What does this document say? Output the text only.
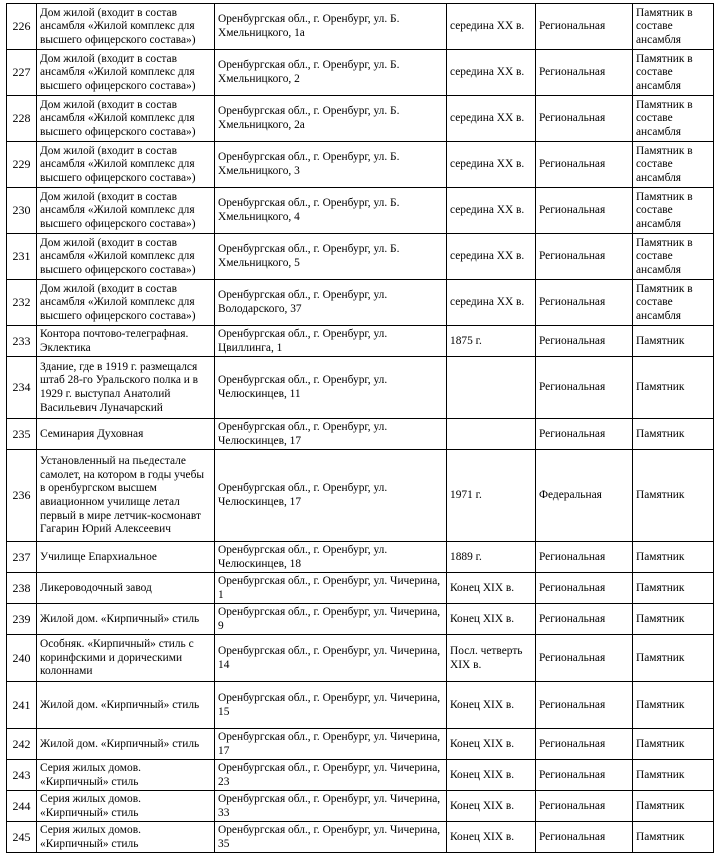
226	Дом жилой (входит в состав ансамбля «Жилой комплекс для высшего офицерского состава»)	Оренбургская обл., г. Оренбург, ул. Б. Хмельницкого, 1а	середина XX в.	Региональная	Памятник в составе ансамбля
227	Дом жилой (входит в состав ансамбля «Жилой комплекс для высшего офицерского состава»)	Оренбургская обл., г. Оренбург, ул. Б. Хмельницкого, 2	середина XX в.	Региональная	Памятник в составе ансамбля
228	Дом жилой (входит в состав ансамбля «Жилой комплекс для высшего офицерского состава»)	Оренбургская обл., г. Оренбург, ул. Б. Хмельницкого, 2а	середина XX в.	Региональная	Памятник в составе ансамбля
229	Дом жилой (входит в состав ансамбля «Жилой комплекс для высшего офицерского состава»)	Оренбургская обл., г. Оренбург, ул. Б. Хмельницкого, 3	середина XX в.	Региональная	Памятник в составе ансамбля
230	Дом жилой (входит в состав ансамбля «Жилой комплекс для высшего офицерского состава»)	Оренбургская обл., г. Оренбург, ул. Б. Хмельницкого, 4	середина XX в.	Региональная	Памятник в составе ансамбля
231	Дом жилой (входит в состав ансамбля «Жилой комплекс для высшего офицерского состава»)	Оренбургская обл., г. Оренбург, ул. Б. Хмельницкого, 5	середина XX в.	Региональная	Памятник в составе ансамбля
232	Дом жилой (входит в состав ансамбля «Жилой комплекс для высшего офицерского состава»)	Оренбургская обл., г. Оренбург, ул. Володарского, 37	середина XX в.	Региональная	Памятник в составе ансамбля
233	Контора почтово-телеграфная. Эклектика	Оренбургская обл., г. Оренбург, ул. Цвиллинга, 1	1875 г.	Региональная	Памятник
234	Здание, где в 1919 г. размещался штаб 28-го Уральского полка и в 1929 г. выступал Анатолий Васильевич Луначарский	Оренбургская обл., г. Оренбург, ул. Челюскинцев, 11		Региональная	Памятник
235	Семинария Духовная	Оренбургская обл., г. Оренбург, ул. Челюскинцев, 17		Региональная	Памятник
236	Установленный на пьедестале самолет, на котором в годы учебы в оренбургском высшем авиационном училище летал первый в мире летчик-космонавт Гагарин Юрий Алексеевич	Оренбургская обл., г. Оренбург, ул. Челюскинцев, 17	1971 г.	Федеральная	Памятник
237	Училище Епархиальное	Оренбургская обл., г. Оренбург, ул. Челюскинцев, 18	1889 г.	Региональная	Памятник
238	Ликероводочный завод	Оренбургская обл., г. Оренбург, ул. Чичерина, 1	Конец XIX в.	Региональная	Памятник
239	Жилой дом. «Кирпичный» стиль	Оренбургская обл., г. Оренбург, ул. Чичерина, 9	Конец XIX в.	Региональная	Памятник
240	Особняк. «Кирпичный» стиль с коринфскими и дорическими колоннами	Оренбургская обл., г. Оренбург, ул. Чичерина, 14	Посл. четверть XIX в.	Региональная	Памятник
241	Жилой дом. «Кирпичный» стиль	Оренбургская обл., г. Оренбург, ул. Чичерина, 15	Конец XIX в.	Региональная	Памятник
242	Жилой дом. «Кирпичный» стиль	Оренбургская обл., г. Оренбург, ул. Чичерина, 17	Конец XIX в.	Региональная	Памятник
243	Серия жилых домов. «Кирпичный» стиль	Оренбургская обл., г. Оренбург, ул. Чичерина, 23	Конец XIX в.	Региональная	Памятник
244	Серия жилых домов. «Кирпичный» стиль	Оренбургская обл., г. Оренбург, ул. Чичерина, 33	Конец XIX в.	Региональная	Памятник
245	Серия жилых домов. «Кирпичный» стиль	Оренбургская обл., г. Оренбург, ул. Чичерина, 35	Конец XIX в.	Региональная	Памятник
